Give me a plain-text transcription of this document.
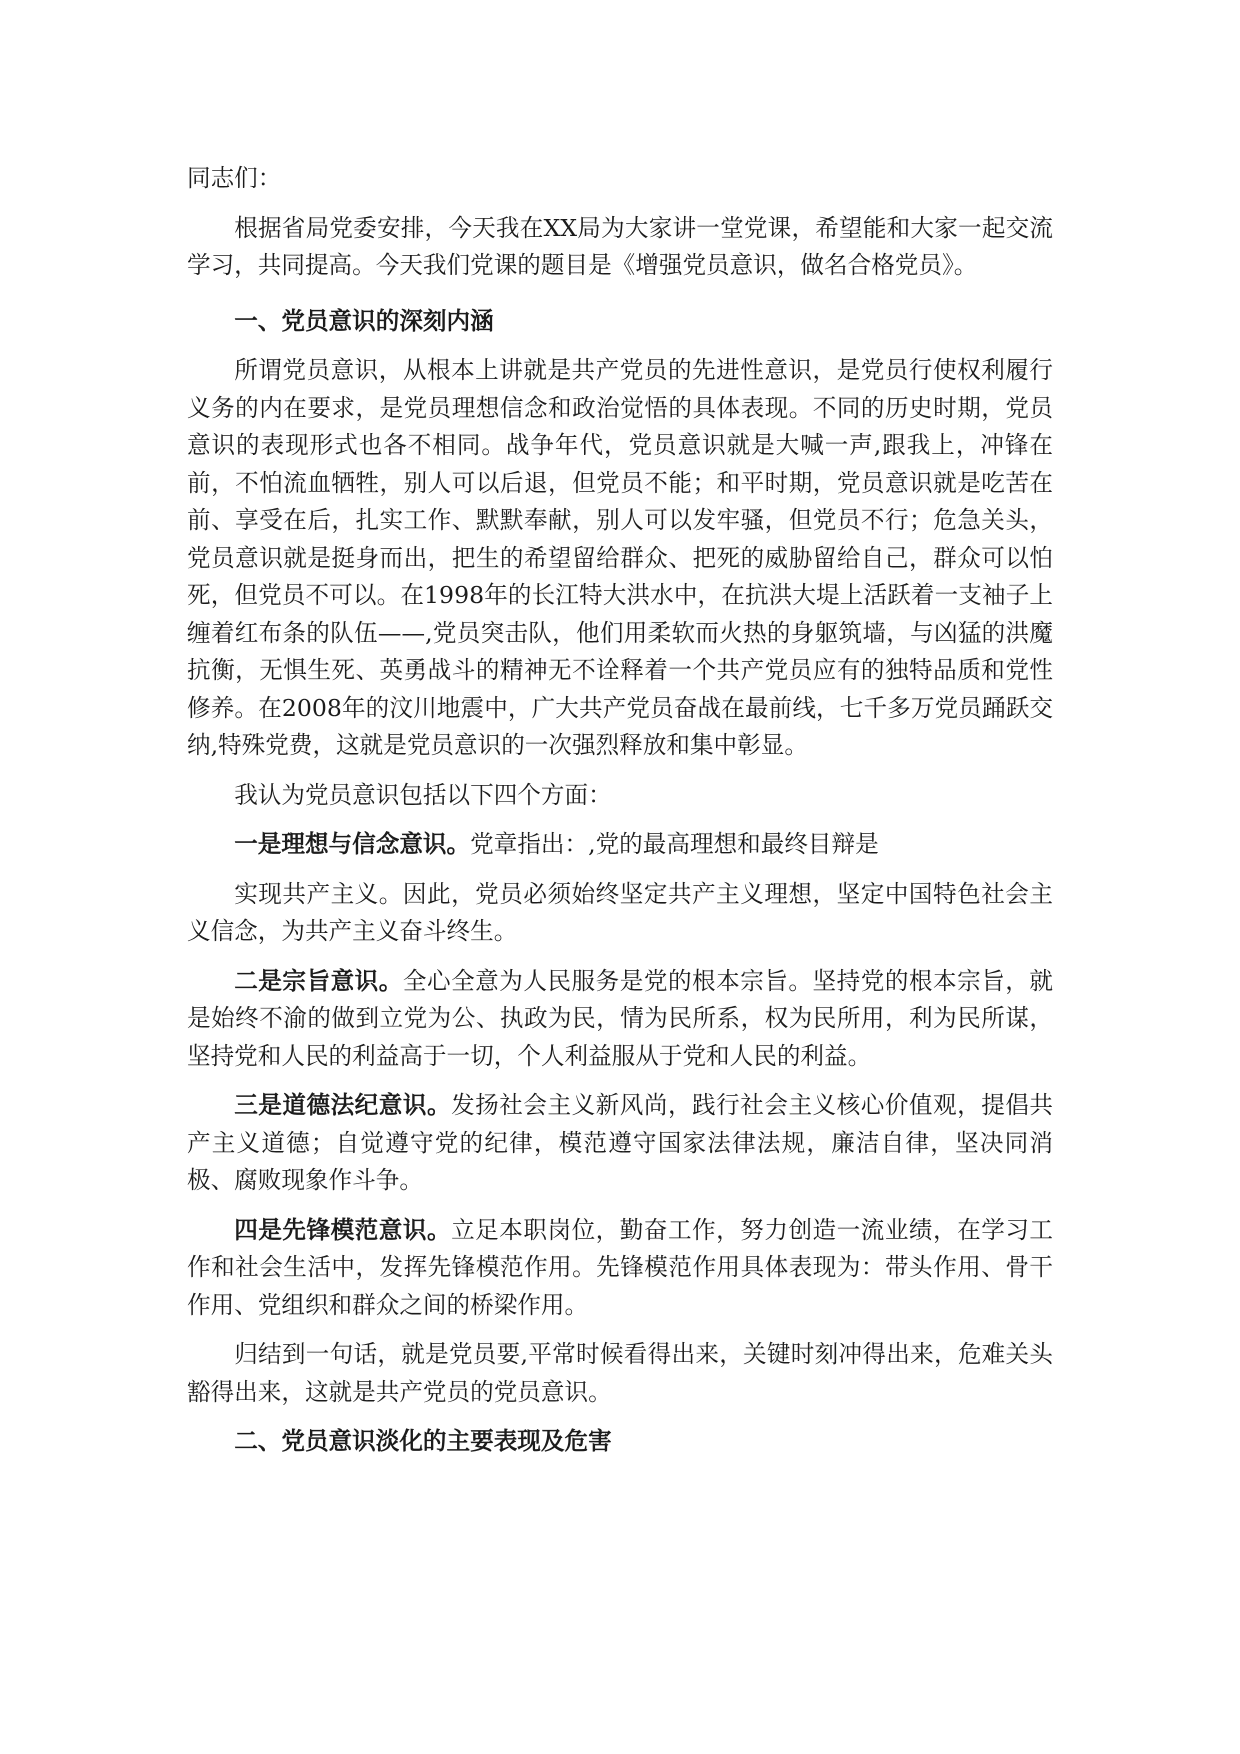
同志们：

根据省局党委安排，今天我在XX局为大家讲一堂党课，希望能和大家一起交流学习，共同提高。今天我们党课的题目是《增强党员意识，做名合格党员》。

一、党员意识的深刻内涵

所谓党员意识，从根本上讲就是共产党员的先进性意识，是党员行使权利履行义务的内在要求，是党员理想信念和政治觉悟的具体表现。不同的历史时期，党员意识的表现形式也各不相同。战争年代，党员意识就是大喊一声,跟我上，冲锋在前，不怕流血牺牲，别人可以后退，但党员不能；和平时期，党员意识就是吃苦在前、享受在后，扎实工作、默默奉献，别人可以发牢骚，但党员不行；危急关头，党员意识就是挺身而出，把生的希望留给群众、把死的威胁留给自己，群众可以怕死，但党员不可以。在1998年的长江特大洪水中，在抗洪大堤上活跃着一支袖子上缠着红布条的队伍——,党员突击队，他们用柔软而火热的身躯筑墙，与凶猛的洪魔抗衡，无惧生死、英勇战斗的精神无不诠释着一个共产党员应有的独特品质和党性修养。在2008年的汶川地震中，广大共产党员奋战在最前线，七千多万党员踊跃交纳,特殊党费，这就是党员意识的一次强烈释放和集中彰显。

我认为党员意识包括以下四个方面：

一是理想与信念意识。党章指出：,党的最高理想和最终目辩是

实现共产主义。因此，党员必须始终坚定共产主义理想，坚定中国特色社会主义信念，为共产主义奋斗终生。

二是宗旨意识。全心全意为人民服务是党的根本宗旨。坚持党的根本宗旨，就是始终不渝的做到立党为公、执政为民，情为民所系，权为民所用，利为民所谋，坚持党和人民的利益高于一切，个人利益服从于党和人民的利益。

三是道德法纪意识。发扬社会主义新风尚，践行社会主义核心价值观，提倡共产主义道德；自觉遵守党的纪律，模范遵守国家法律法规，廉洁自律，坚决同消极、腐败现象作斗争。

四是先锋模范意识。立足本职岗位，勤奋工作，努力创造一流业绩，在学习工作和社会生活中，发挥先锋模范作用。先锋模范作用具体表现为：带头作用、骨干作用、党组织和群众之间的桥梁作用。

归结到一句话，就是党员要,平常时候看得出来，关键时刻冲得出来，危难关头豁得出来，这就是共产党员的党员意识。

二、党员意识淡化的主要表现及危害
